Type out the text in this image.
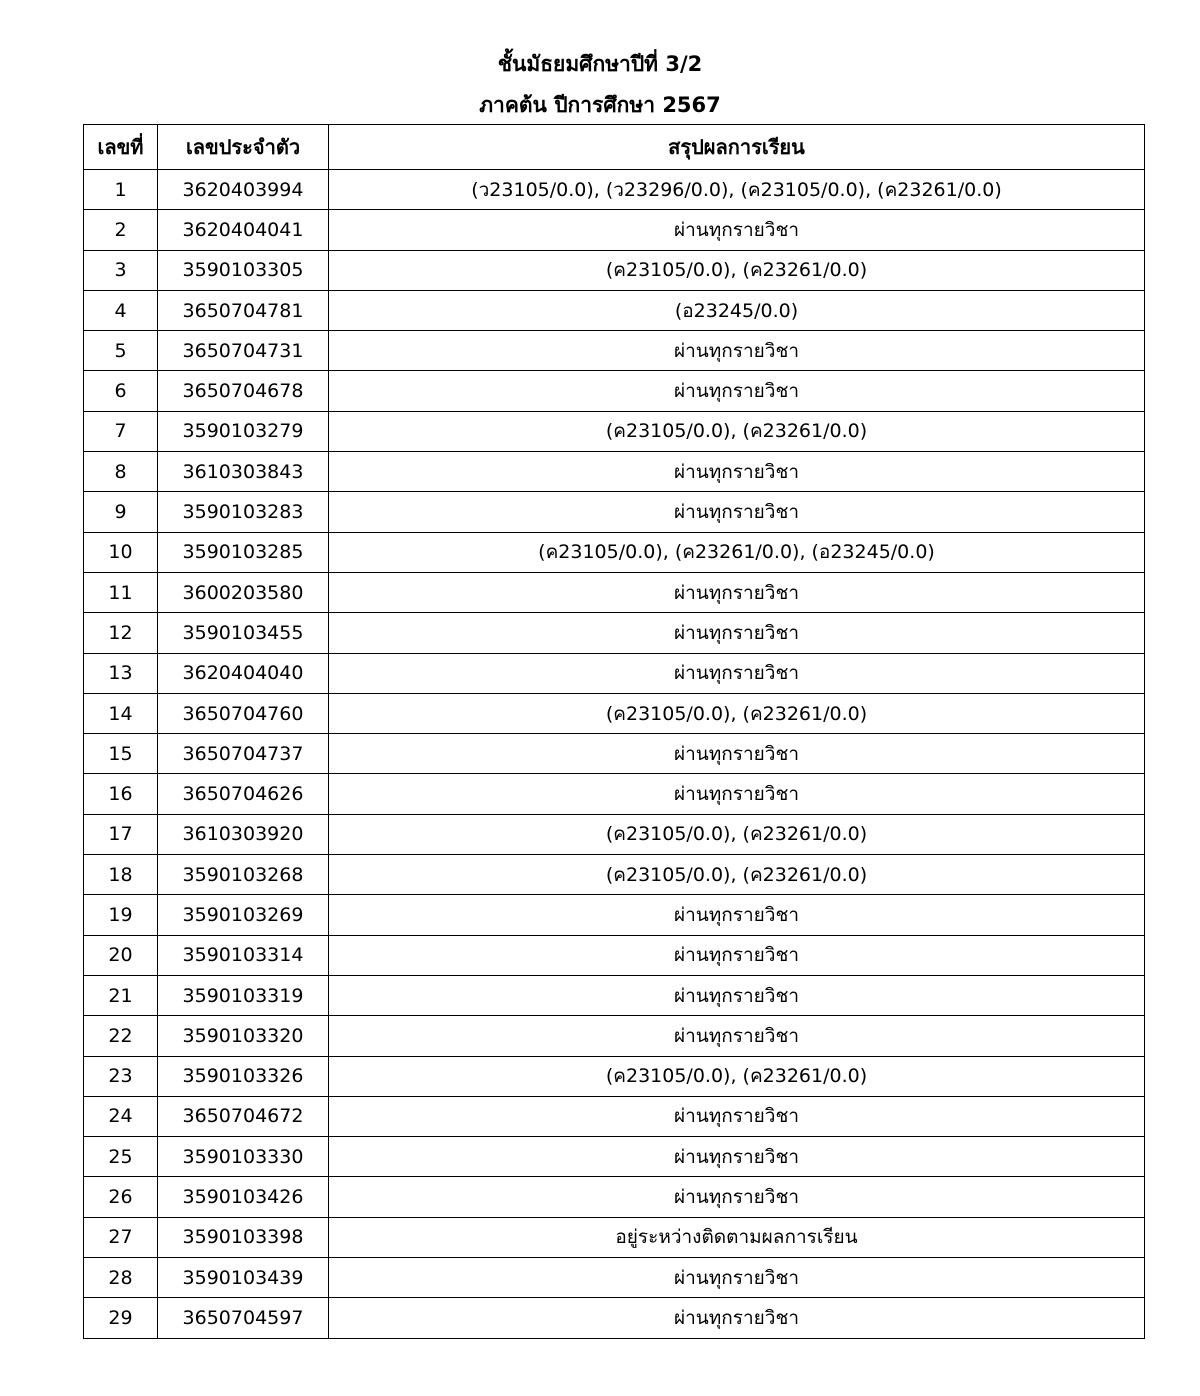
ชั้นมัธยมศึกษาปีที่ 3/2
ภาคต้น ปีการศึกษา 2567
เลขที่	เลขประจำตัว	สรุปผลการเรียน
1	3620403994	(ว23105/0.0), (ว23296/0.0), (ค23105/0.0), (ค23261/0.0)
2	3620404041	ผ่านทุกรายวิชา
3	3590103305	(ค23105/0.0), (ค23261/0.0)
4	3650704781	(อ23245/0.0)
5	3650704731	ผ่านทุกรายวิชา
6	3650704678	ผ่านทุกรายวิชา
7	3590103279	(ค23105/0.0), (ค23261/0.0)
8	3610303843	ผ่านทุกรายวิชา
9	3590103283	ผ่านทุกรายวิชา
10	3590103285	(ค23105/0.0), (ค23261/0.0), (อ23245/0.0)
11	3600203580	ผ่านทุกรายวิชา
12	3590103455	ผ่านทุกรายวิชา
13	3620404040	ผ่านทุกรายวิชา
14	3650704760	(ค23105/0.0), (ค23261/0.0)
15	3650704737	ผ่านทุกรายวิชา
16	3650704626	ผ่านทุกรายวิชา
17	3610303920	(ค23105/0.0), (ค23261/0.0)
18	3590103268	(ค23105/0.0), (ค23261/0.0)
19	3590103269	ผ่านทุกรายวิชา
20	3590103314	ผ่านทุกรายวิชา
21	3590103319	ผ่านทุกรายวิชา
22	3590103320	ผ่านทุกรายวิชา
23	3590103326	(ค23105/0.0), (ค23261/0.0)
24	3650704672	ผ่านทุกรายวิชา
25	3590103330	ผ่านทุกรายวิชา
26	3590103426	ผ่านทุกรายวิชา
27	3590103398	อยู่ระหว่างติดตามผลการเรียน
28	3590103439	ผ่านทุกรายวิชา
29	3650704597	ผ่านทุกรายวิชา
